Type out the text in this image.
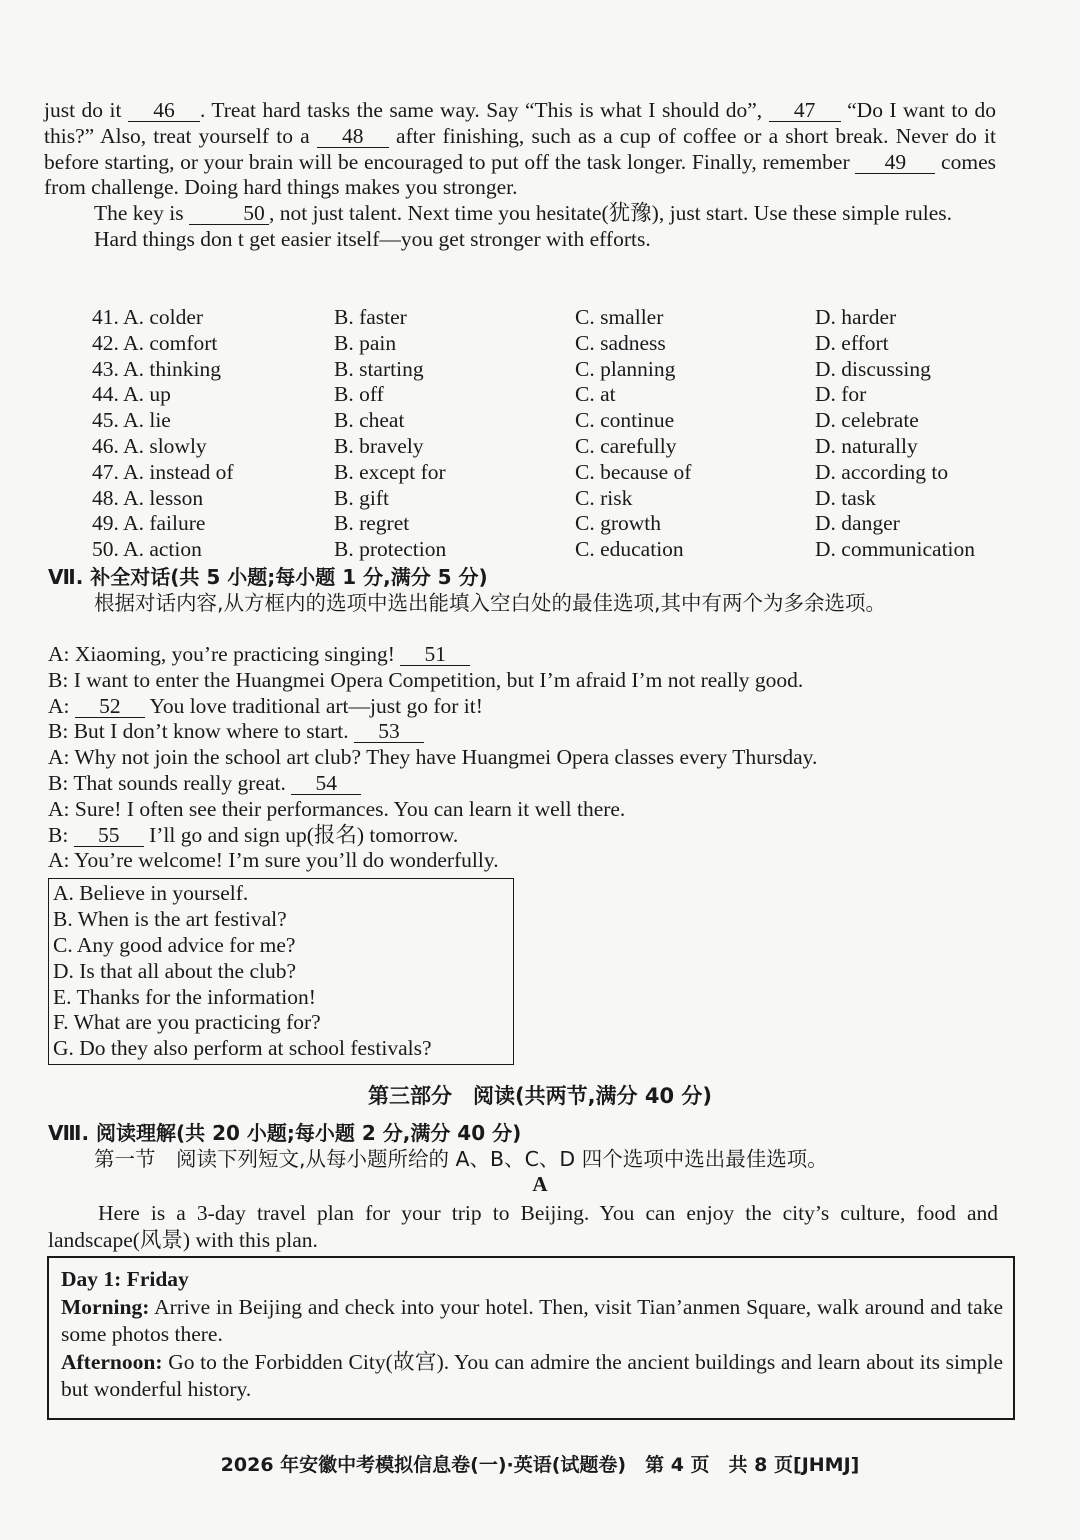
just do it 46 . Treat hard tasks the same way. Say “This is what I should do”, 47 “Do I want to do this?” Also, treat yourself to a 48 after finishing, such as a cup of coffee or a short break. Never do it before starting, or your brain will be encouraged to put off the task longer. Finally, remember 49 comes from challenge. Doing hard things makes you stronger.

The key is	50 , not just talent. Next time you hesitate(犹豫), just start. Use these simple rules.

Hard things don t get easier itself—you get stronger with efforts.

41. A. colder	B. faster	C. smaller	D. harder
42. A. comfort	B. pain	C. sadness	D. effort
43. A. thinking	B. starting	C. planning	D. discussing
44. A. up	B. off	C. at	D. for
45. A. lie	B. cheat	C. continue	D. celebrate
46. A. slowly	B. bravely	C. carefully	D. naturally
47. A. instead of	B. except for	C. because of	D. according to
48. A. lesson	B. gift	C. risk	D. task
49. A. failure	B. regret	C. growth	D. danger
50. A. action	B. protection	C. education	D. communication
Ⅶ. 补全对话(共 5 小题;每小题 1 分,满分 5 分)

根据对话内容,从方框内的选项中选出能填入空白处的最佳选项,其中有两个为多余选项。

A: Xiaoming, you’re practicing singing! 51
B: I want to enter the Huangmei Opera Competition, but I’m afraid I’m not really good.
A: 52 You love traditional art—just go for it!
B: But I don’t know where to start. 53
A: Why not join the school art club? They have Huangmei Opera classes every Thursday.
B: That sounds really great. 54
A: Sure! I often see their performances. You can learn it well there.
B: 55 I’ll go and sign up(报名) tomorrow.
A: You’re welcome! I’m sure you’ll do wonderfully.
A. Believe in yourself.
B. When is the art festival?
C. Any good advice for me?
D. Is that all about the club?
E. Thanks for the information!
F. What are you practicing for?
G. Do they also perform at school festivals?
第三部分　阅读(共两节,满分 40 分)
Ⅷ. 阅读理解(共 20 小题;每小题 2 分,满分 40 分)
第一节　阅读下列短文,从每小题所给的 A、B、C、D 四个选项中选出最佳选项。
A

Here is a 3-day travel plan for your trip to Beijing. You can enjoy the city’s culture, food and landscape(风景) with this plan.

Day 1: Friday

Morning: Arrive in Beijing and check into your hotel. Then, visit Tian’anmen Square, walk around and take some photos there.

Afternoon: Go to the Forbidden City(故宫). You can admire the ancient buildings and learn about its simple but wonderful history.

2026 年安徽中考模拟信息卷(一)·英语(试题卷)　第 4 页　共 8 页[JHMJ]
